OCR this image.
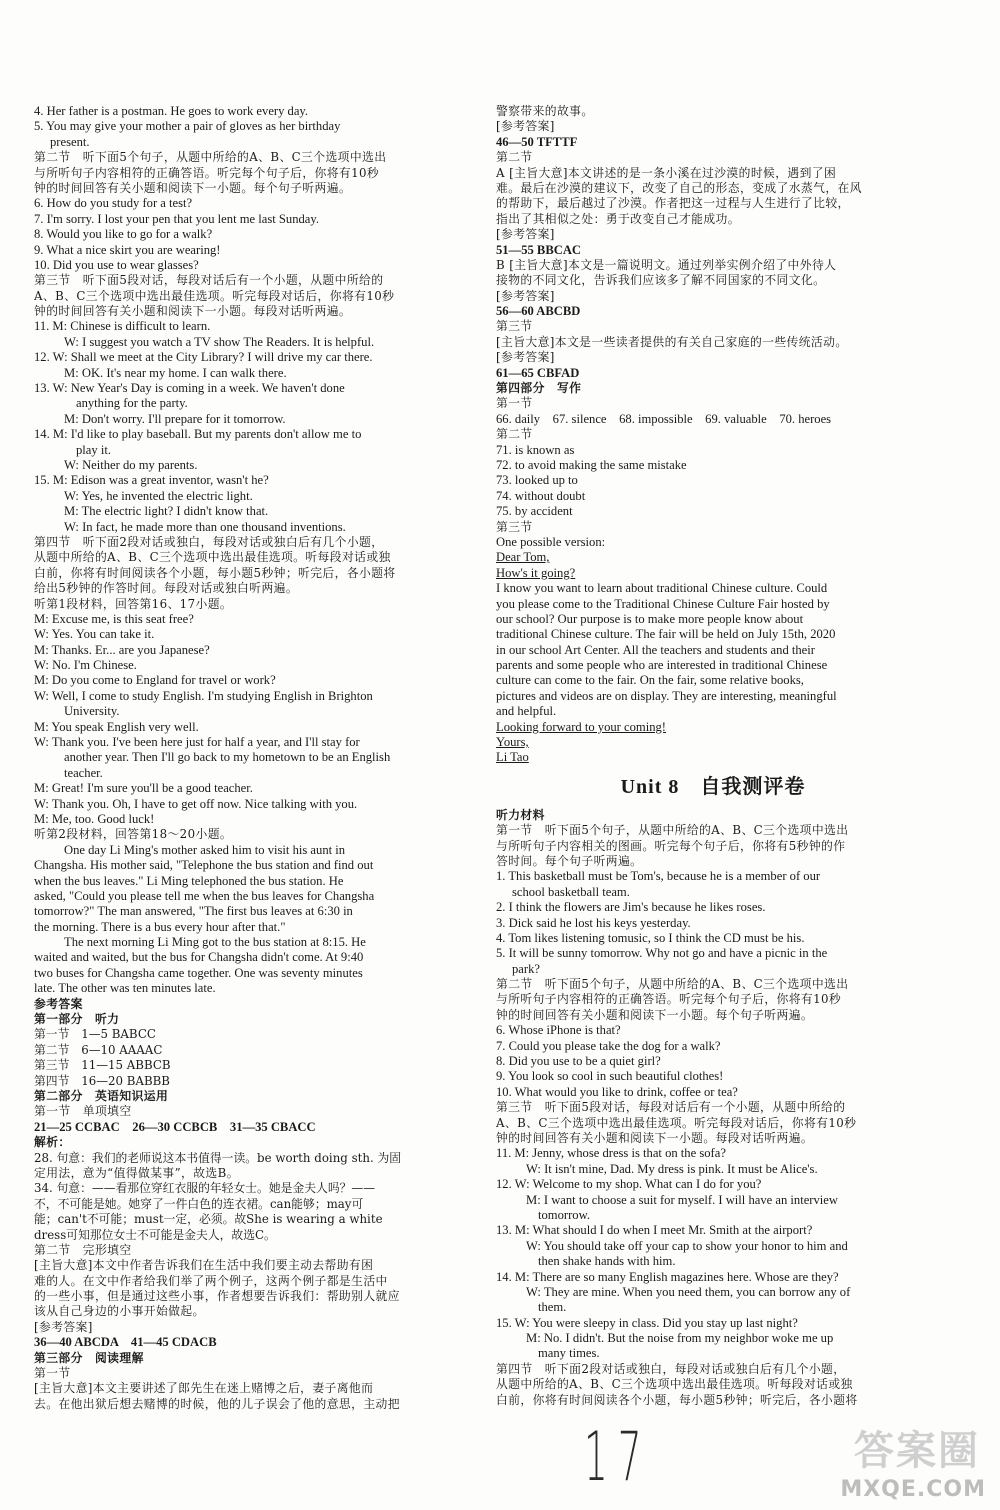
4. Her father is a postman. He goes to work every day.
5. You may give your mother a pair of gloves as her birthday
present.
第二节　听下面5个句子，从题中所给的A、B、C三个选项中选出
与所听句子内容相符的正确答语。听完每个句子后，你将有10秒
钟的时间回答有关小题和阅读下一小题。每个句子听两遍。
6. How do you study for a test?
7. I'm sorry. I lost your pen that you lent me last Sunday.
8. Would you like to go for a walk?
9. What a nice skirt you are wearing!
10. Did you use to wear glasses?
第三节　听下面5段对话，每段对话后有一个小题，从题中所给的
A、B、C三个选项中选出最佳选项。听完每段对话后，你将有10秒
钟的时间回答有关小题和阅读下一小题。每段对话听两遍。
11. M: Chinese is difficult to learn.
W: I suggest you watch a TV show The Readers. It is helpful.
12. W: Shall we meet at the City Library? I will drive my car there.
M: OK. It's near my home. I can walk there.
13. W: New Year's Day is coming in a week. We haven't done
anything for the party.
M: Don't worry. I'll prepare for it tomorrow.
14. M: I'd like to play baseball. But my parents don't allow me to
play it.
W: Neither do my parents.
15. M: Edison was a great inventor, wasn't he?
W: Yes, he invented the electric light.
M: The electric light? I didn't know that.
W: In fact, he made more than one thousand inventions.
第四节　听下面2段对话或独白，每段对话或独白后有几个小题，
从题中所给的A、B、C三个选项中选出最佳选项。听每段对话或独
白前，你将有时间阅读各个小题，每小题5秒钟；听完后，各小题将
给出5秒钟的作答时间。每段对话或独白听两遍。
听第1段材料，回答第16、17小题。
M: Excuse me, is this seat free?
W: Yes. You can take it.
M: Thanks. Er... are you Japanese?
W: No. I'm Chinese.
M: Do you come to England for travel or work?
W: Well, I come to study English. I'm studying English in Brighton
University.
M: You speak English very well.
W: Thank you. I've been here just for half a year, and I'll stay for
another year. Then I'll go back to my hometown to be an English
teacher.
M: Great! I'm sure you'll be a good teacher.
W: Thank you. Oh, I have to get off now. Nice talking with you.
M: Me, too. Good luck!
听第2段材料，回答第18～20小题。
One day Li Ming's mother asked him to visit his aunt in
Changsha. His mother said, "Telephone the bus station and find out
when the bus leaves." Li Ming telephoned the bus station. He
asked, "Could you please tell me when the bus leaves for Changsha
tomorrow?" The man answered, "The first bus leaves at 6:30 in
the morning. There is a bus every hour after that."
The next morning Li Ming got to the bus station at 8:15. He
waited and waited, but the bus for Changsha didn't come. At 9:40
two buses for Changsha came together. One was seventy minutes
late. The other was ten minutes late.
参考答案
第一部分　听力
第一节　1—5 BABCC
第二节　6—10 AAAAC
第三节　11—15 ABBCB
第四节　16—20 BABBB
第二部分　英语知识运用
第一节　单项填空
21—25 CCBAC　26—30 CCBCB　31—35 CBACC
解析：
28. 句意：我们的老师说这本书值得一读。be worth doing sth. 为固
定用法，意为“值得做某事”，故选B。
34. 句意：——看那位穿红衣服的年轻女士。她是金夫人吗？——
不，不可能是她。她穿了一件白色的连衣裙。can能够；may可
能；can't不可能；must一定，必须。故She is wearing a white
dress可知那位女士不可能是金夫人，故选C。
第二节　完形填空
[主旨大意]本文中作者告诉我们在生活中我们要主动去帮助有困
难的人。在文中作者给我们举了两个例子，这两个例子都是生活中
的一些小事，但是通过这些小事，作者想要告诉我们：帮助别人就应
该从自己身边的小事开始做起。
[参考答案]
36—40 ABCDA　41—45 CDACB
第三部分　阅读理解
第一节
[主旨大意]本文主要讲述了郎先生在迷上赌博之后，妻子离他而
去。在他出狱后想去赌博的时候，他的儿子误会了他的意思，主动把
警察带来的故事。
[参考答案]
46—50 TFTTF
第二节
A [主旨大意]本文讲述的是一条小溪在过沙漠的时候，遇到了困
难。最后在沙漠的建议下，改变了自己的形态，变成了水蒸气，在风
的帮助下，最后越过了沙漠。作者把这一过程与人生进行了比较，
指出了其相似之处：勇于改变自己才能成功。
[参考答案]
51—55 BBCAC
B [主旨大意]本文是一篇说明文。通过列举实例介绍了中外待人
接物的不同文化，告诉我们应该多了解不同国家的不同文化。
[参考答案]
56—60 ABCBD
第三节
[主旨大意]本文是一些读者提供的有关自己家庭的一些传统活动。
[参考答案]
61—65 CBFAD
第四部分　写作
第一节
66. daily　67. silence　68. impossible　69. valuable　70. heroes
第二节
71. is known as
72. to avoid making the same mistake
73. looked up to
74. without doubt
75. by accident
第三节
One possible version:
Dear Tom,
How's it going?
I know you want to learn about traditional Chinese culture. Could
you please come to the Traditional Chinese Culture Fair hosted by
our school? Our purpose is to make more people know about
traditional Chinese culture. The fair will be held on July 15th, 2020
in our school Art Center. All the teachers and students and their
parents and some people who are interested in traditional Chinese
culture can come to the fair. On the fair, some relative books,
pictures and videos are on display. They are interesting, meaningful
and helpful.
Looking forward to your coming!
Yours,
Li Tao
Unit 8　自我测评卷
听力材料
第一节　听下面5个句子，从题中所给的A、B、C三个选项中选出
与所听句子内容相关的图画。听完每个句子后，你将有5秒钟的作
答时间。每个句子听两遍。
1. This basketball must be Tom's, because he is a member of our
school basketball team.
2. I think the flowers are Jim's because he likes roses.
3. Dick said he lost his keys yesterday.
4. Tom likes listening tomusic, so I think the CD must be his.
5. It will be sunny tomorrow. Why not go and have a picnic in the
park?
第二节　听下面5个句子，从题中所给的A、B、C三个选项中选出
与所听句子内容相符的正确答语。听完每个句子后，你将有10秒
钟的时间回答有关小题和阅读下一小题。每个句子听两遍。
6. Whose iPhone is that?
7. Could you please take the dog for a walk?
8. Did you use to be a quiet girl?
9. You look so cool in such beautiful clothes!
10. What would you like to drink, coffee or tea?
第三节　听下面5段对话，每段对话后有一个小题，从题中所给的
A、B、C三个选项中选出最佳选项。听完每段对话后，你将有10秒
钟的时间回答有关小题和阅读下一小题。每段对话听两遍。
11. M: Jenny, whose dress is that on the sofa?
W: It isn't mine, Dad. My dress is pink. It must be Alice's.
12. W: Welcome to my shop. What can I do for you?
M: I want to choose a suit for myself. I will have an interview
tomorrow.
13. M: What should I do when I meet Mr. Smith at the airport?
W: You should take off your cap to show your honor to him and
then shake hands with him.
14. M: There are so many English magazines here. Whose are they?
W: They are mine. When you need them, you can borrow any of
them.
15. W: You were sleepy in class. Did you stay up last night?
M: No. I didn't. But the noise from my neighbor woke me up
many times.
第四节　听下面2段对话或独白，每段对话或独白后有几个小题，
从题中所给的A、B、C三个选项中选出最佳选项。听每段对话或独
白前，你将有时间阅读各个小题，每小题5秒钟；听完后，各小题将
17	答案圈
MXQE.COM
